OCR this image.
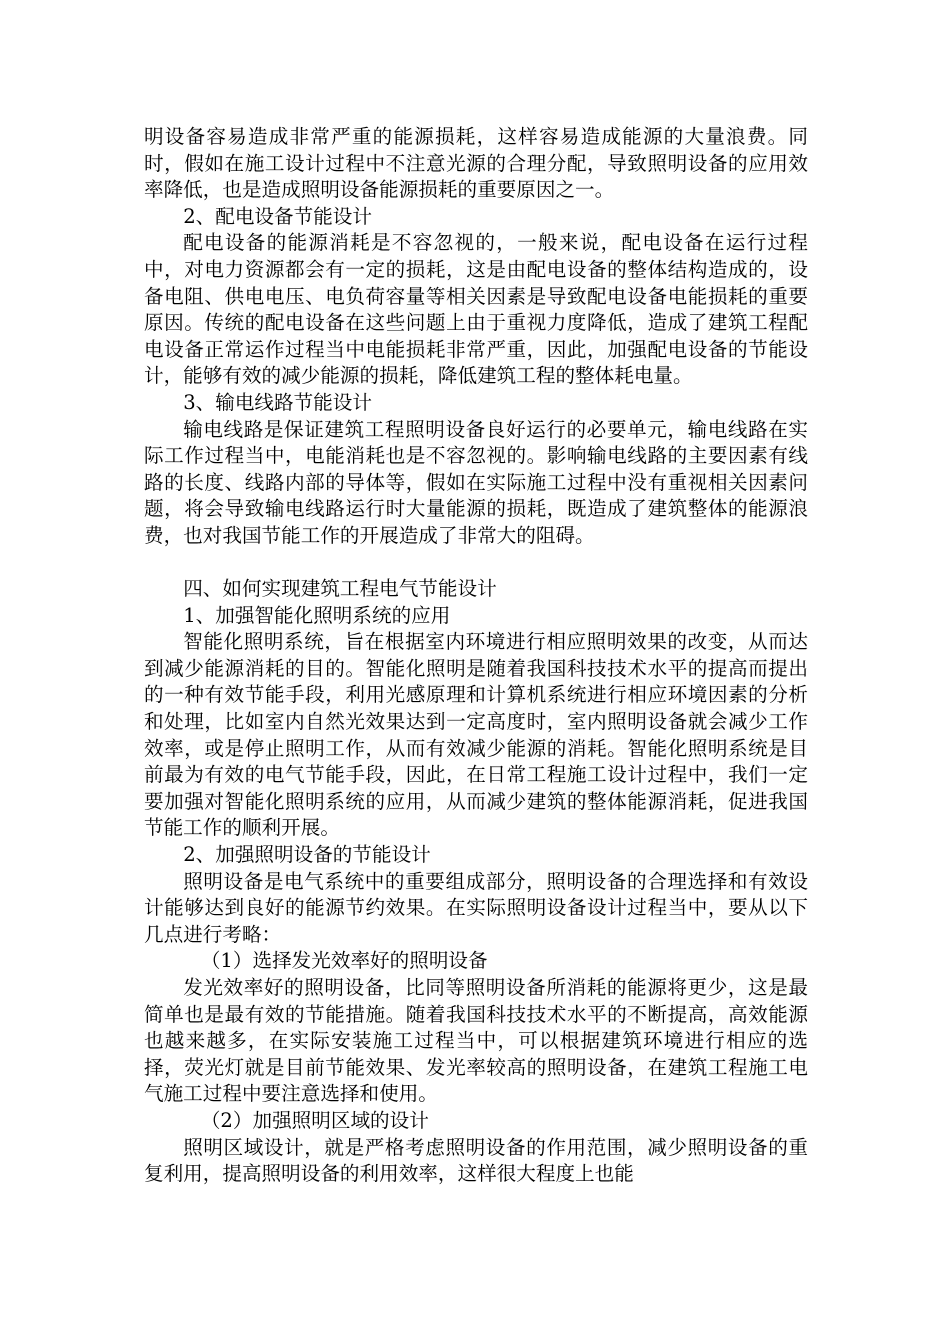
明设备容易造成非常严重的能源损耗，这样容易造成能源的大量浪费。同时，假如在施工设计过程中不注意光源的合理分配，导致照明设备的应用效率降低，也是造成照明设备能源损耗的重要原因之一。

2、配电设备节能设计

配电设备的能源消耗是不容忽视的，一般来说，配电设备在运行过程中，对电力资源都会有一定的损耗，这是由配电设备的整体结构造成的，设备电阻、供电电压、电负荷容量等相关因素是导致配电设备电能损耗的重要原因。传统的配电设备在这些问题上由于重视力度降低，造成了建筑工程配电设备正常运作过程当中电能损耗非常严重，因此，加强配电设备的节能设计，能够有效的减少能源的损耗，降低建筑工程的整体耗电量。

3、输电线路节能设计

输电线路是保证建筑工程照明设备良好运行的必要单元，输电线路在实际工作过程当中，电能消耗也是不容忽视的。影响输电线路的主要因素有线路的长度、线路内部的导体等，假如在实际施工过程中没有重视相关因素问题，将会导致输电线路运行时大量能源的损耗，既造成了建筑整体的能源浪费，也对我国节能工作的开展造成了非常大的阻碍。

四、如何实现建筑工程电气节能设计

1、加强智能化照明系统的应用

智能化照明系统，旨在根据室内环境进行相应照明效果的改变，从而达到减少能源消耗的目的。智能化照明是随着我国科技技术水平的提高而提出的一种有效节能手段，利用光感原理和计算机系统进行相应环境因素的分析和处理，比如室内自然光效果达到一定高度时，室内照明设备就会减少工作效率，或是停止照明工作，从而有效减少能源的消耗。智能化照明系统是目前最为有效的电气节能手段，因此，在日常工程施工设计过程中，我们一定要加强对智能化照明系统的应用，从而减少建筑的整体能源消耗，促进我国节能工作的顺利开展。

2、加强照明设备的节能设计

照明设备是电气系统中的重要组成部分，照明设备的合理选择和有效设计能够达到良好的能源节约效果。在实际照明设备设计过程当中，要从以下几点进行考略：

（1）选择发光效率好的照明设备

发光效率好的照明设备，比同等照明设备所消耗的能源将更少，这是最简单也是最有效的节能措施。随着我国科技技术水平的不断提高，高效能源也越来越多，在实际安装施工过程当中，可以根据建筑环境进行相应的选择，荧光灯就是目前节能效果、发光率较高的照明设备，在建筑工程施工电气施工过程中要注意选择和使用。

（2）加强照明区域的设计

照明区域设计，就是严格考虑照明设备的作用范围，减少照明设备的重复利用，提高照明设备的利用效率，这样很大程度上也能
